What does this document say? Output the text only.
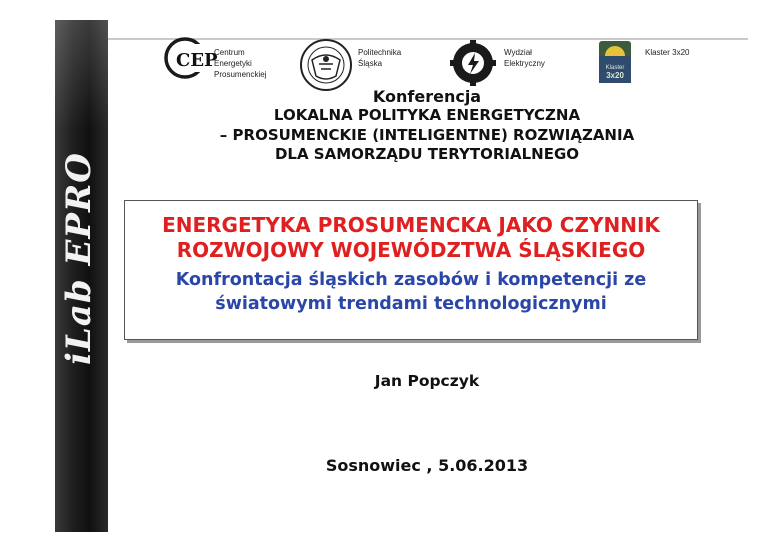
iLab EPRO
CEP
Centrum
Energetyki
Prosumenckiej
Politechnika
Śląska
Wydział
Elektryczny	Klaster
3x20
Klaster 3x20
Konferencja
LOKALNA POLITYKA ENERGETYCZNA
– PROSUMENCKIE (INTELIGENTNE) ROZWIĄZANIA
DLA SAMORZĄDU TERYTORIALNEGO
ENERGETYKA PROSUMENCKA JAKO CZYNNIK
ROZWOJOWY WOJEWÓDZTWA ŚLĄSKIEGO
Konfrontacja śląskich zasobów i kompetencji ze
światowymi trendami technologicznymi
Jan Popczyk
Sosnowiec , 5.06.2013
